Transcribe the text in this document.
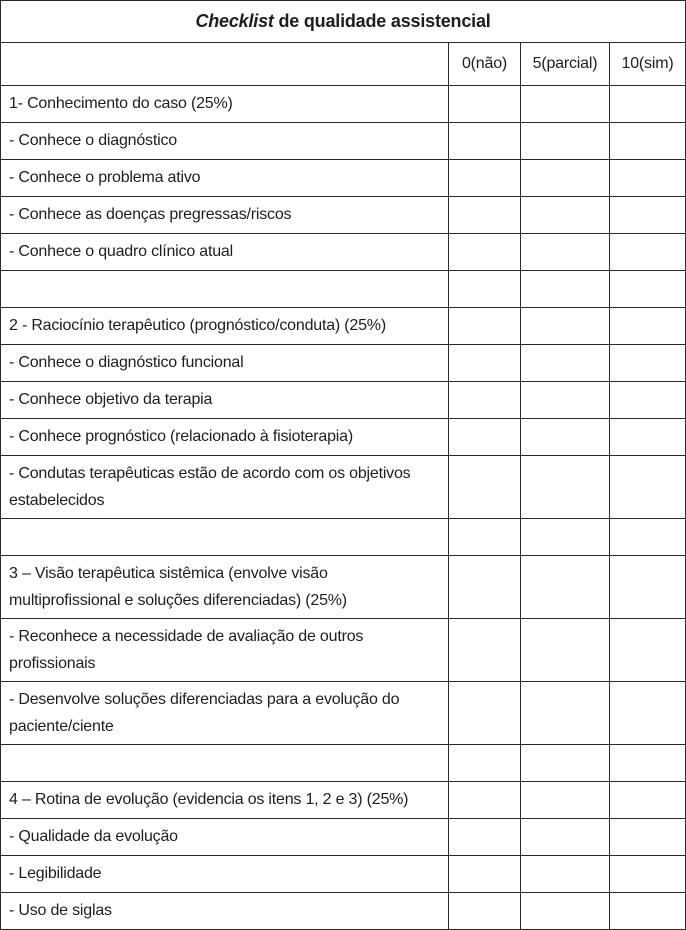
Checklist de qualidade assistencial			
	0(não)	5(parcial)	10(sim)
1- Conhecimento do caso (25%)			
- Conhece o diagnóstico			
- Conhece o problema ativo			
- Conhece as doenças pregressas/riscos			
- Conhece o quadro clínico atual			

2 - Raciocínio terapêutico (prognóstico/conduta) (25%)			
- Conhece o diagnóstico funcional			
- Conhece objetivo da terapia			
- Conhece prognóstico (relacionado à fisioterapia)			
- Condutas terapêuticas estão de acordo com os objetivos estabelecidos			

3 – Visão terapêutica sistêmica (envolve visão multiprofissional e soluções diferenciadas) (25%)			
- Reconhece a necessidade de avaliação de outros profissionais			
- Desenvolve soluções diferenciadas para a evolução do paciente/ciente			

4 – Rotina de evolução (evidencia os itens 1, 2 e 3) (25%)			
- Qualidade da evolução			
- Legibilidade			
- Uso de siglas			
